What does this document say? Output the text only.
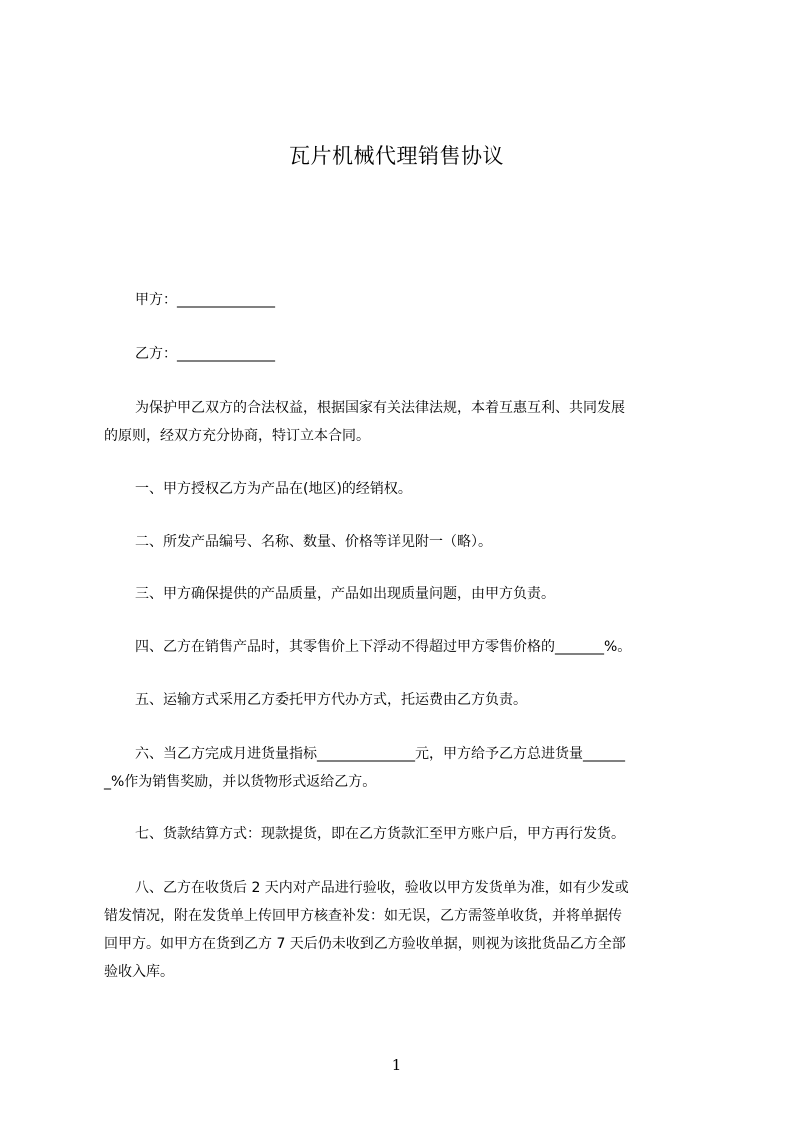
瓦片机械代理销售协议
甲方：______________
乙方：______________
为保护甲乙双方的合法权益，根据国家有关法律法规，本着互惠互利、共同发展
的原则，经双方充分协商，特订立本合同。
一、甲方授权乙方为产品在(地区)的经销权。
二、所发产品编号、名称、数量、价格等详见附一（略）。
三、甲方确保提供的产品质量，产品如出现质量问题，由甲方负责。
四、乙方在销售产品时，其零售价上下浮动不得超过甲方零售价格的_______%。
五、运输方式采用乙方委托甲方代办方式，托运费由乙方负责。
六、当乙方完成月进货量指标______________元，甲方给予乙方总进货量______
_%作为销售奖励，并以货物形式返给乙方。
七、货款结算方式：现款提货，即在乙方货款汇至甲方账户后，甲方再行发货。
八、乙方在收货后 2 天内对产品进行验收，验收以甲方发货单为准，如有少发或
错发情况，附在发货单上传回甲方核查补发：如无误，乙方需签单收货，并将单据传
回甲方。如甲方在货到乙方 7 天后仍未收到乙方验收单据，则视为该批货品乙方全部
验收入库。
1
